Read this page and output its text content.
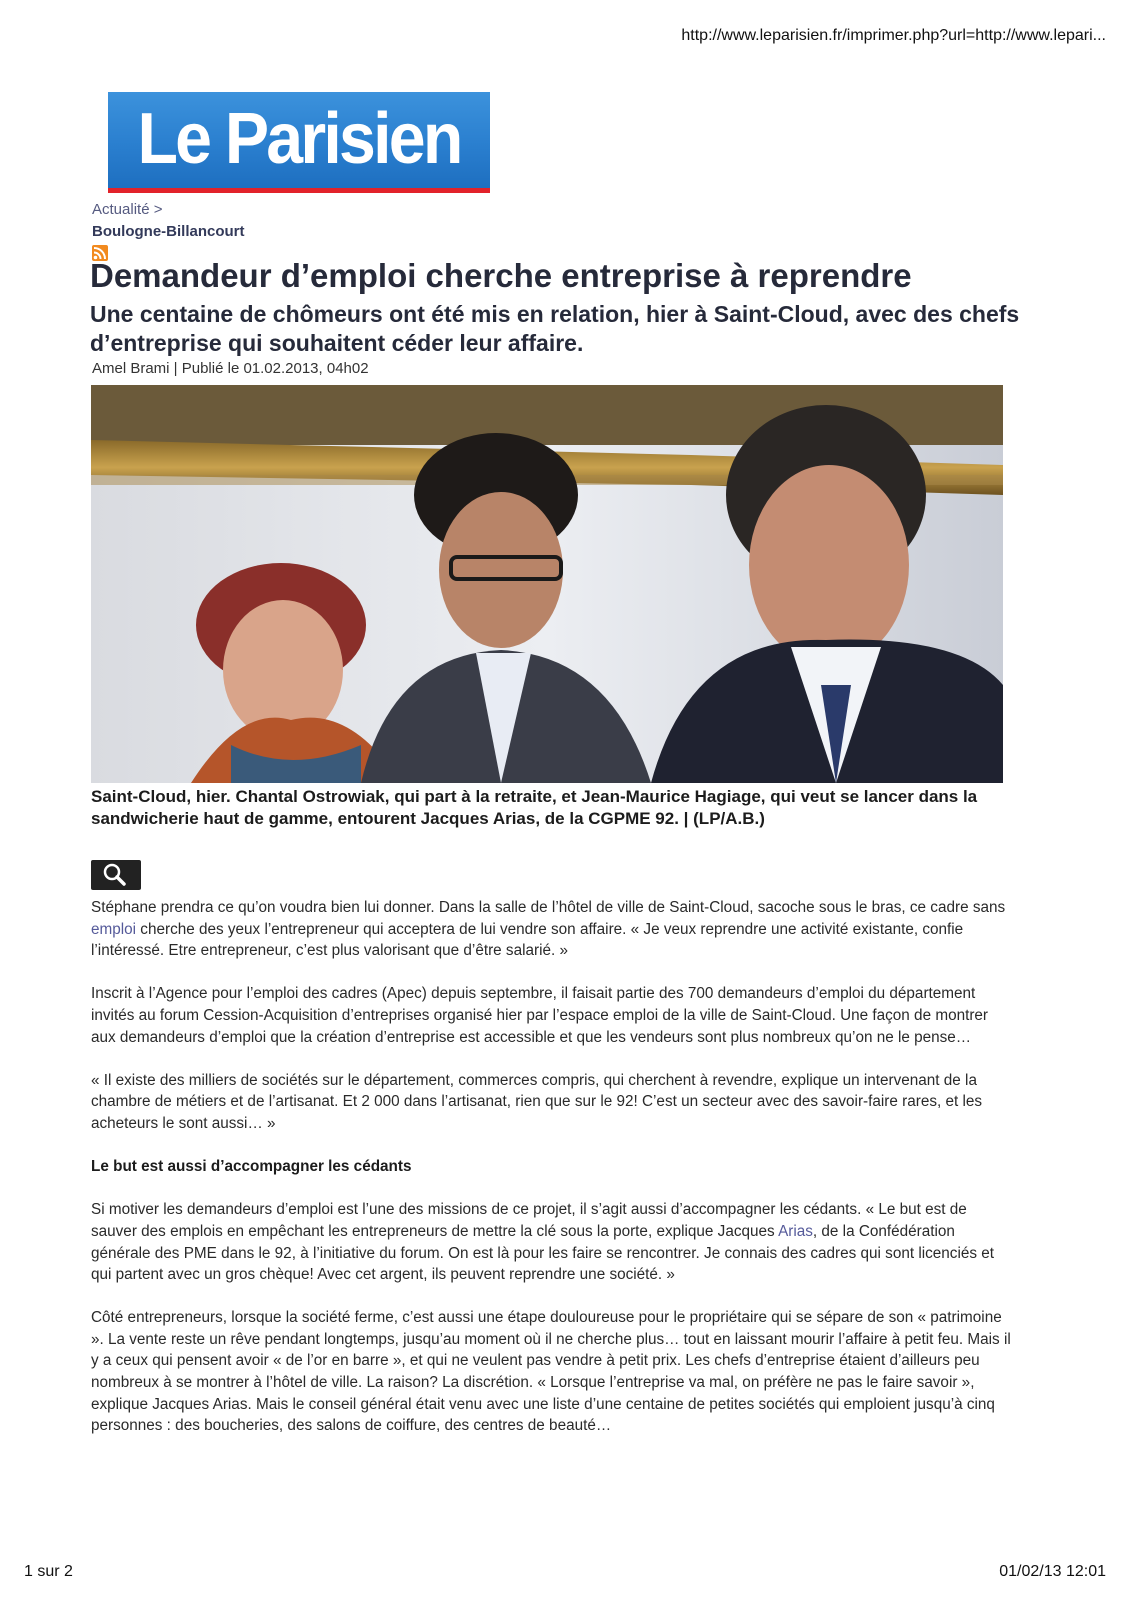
http://www.leparisien.fr/imprimer.php?url=http://www.lepari...
Le Parisien
Actualité >
Boulogne-Billancourt
Demandeur d’emploi cherche entreprise à reprendre
Une centaine de chômeurs ont été mis en relation, hier à Saint-Cloud, avec des chefs d’entreprise qui souhaitent céder leur affaire.
Amel Brami | Publié le 01.02.2013, 04h02
Saint-Cloud, hier. Chantal Ostrowiak, qui part à la retraite, et Jean-Maurice Hagiage, qui veut se lancer dans la sandwicherie haut de gamme, entourent Jacques Arias, de la CGPME 92. | (LP/A.B.)

Stéphane prendra ce qu’on voudra bien lui donner. Dans la salle de l’hôtel de ville de Saint-Cloud, sacoche sous le bras, ce cadre sans emploi cherche des yeux l’entrepreneur qui acceptera de lui vendre son affaire. « Je veux reprendre une activité existante, confie l’intéressé. Etre entrepreneur, c’est plus valorisant que d’être salarié. »

Inscrit à l’Agence pour l’emploi des cadres (Apec) depuis septembre, il faisait partie des 700 demandeurs d’emploi du département invités au forum Cession-Acquisition d’entreprises organisé hier par l’espace emploi de la ville de Saint-Cloud. Une façon de montrer aux demandeurs d’emploi que la création d’entreprise est accessible et que les vendeurs sont plus nombreux qu’on ne le pense…

« Il existe des milliers de sociétés sur le département, commerces compris, qui cherchent à revendre, explique un intervenant de la chambre de métiers et de l’artisanat. Et 2 000 dans l’artisanat, rien que sur le 92! C’est un secteur avec des savoir-faire rares, et les acheteurs le sont aussi… »

Le but est aussi d’accompagner les cédants

Si motiver les demandeurs d’emploi est l’une des missions de ce projet, il s’agit aussi d’accompagner les cédants. « Le but est de sauver des emplois en empêchant les entrepreneurs de mettre la clé sous la porte, explique Jacques Arias, de la Confédération générale des PME dans le 92, à l’initiative du forum. On est là pour les faire se rencontrer. Je connais des cadres qui sont licenciés et qui partent avec un gros chèque! Avec cet argent, ils peuvent reprendre une société. »

Côté entrepreneurs, lorsque la société ferme, c’est aussi une étape douloureuse pour le propriétaire qui se sépare de son « patrimoine ». La vente reste un rêve pendant longtemps, jusqu’au moment où il ne cherche plus… tout en laissant mourir l’affaire à petit feu. Mais il y a ceux qui pensent avoir « de l’or en barre », et qui ne veulent pas vendre à petit prix. Les chefs d’entreprise étaient d’ailleurs peu nombreux à se montrer à l’hôtel de ville. La raison? La discrétion. « Lorsque l’entreprise va mal, on préfère ne pas le faire savoir », explique Jacques Arias. Mais le conseil général était venu avec une liste d’une centaine de petites sociétés qui emploient jusqu’à cinq personnes : des boucheries, des salons de coiffure, des centres de beauté…

1 sur 2	01/02/13 12:01
